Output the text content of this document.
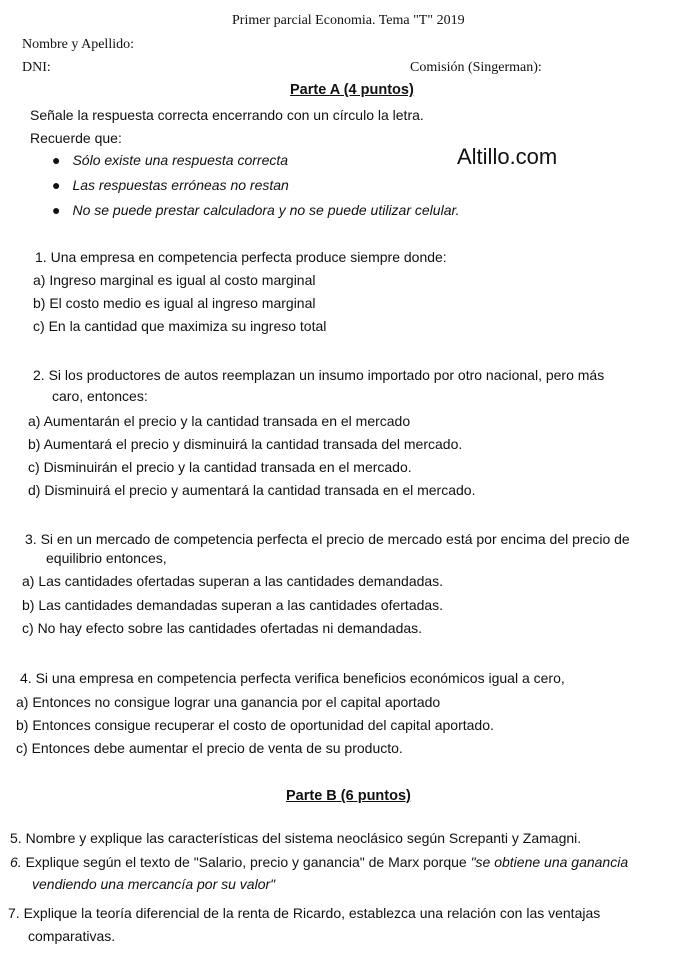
Primer parcial Economia. Tema "T" 2019
Nombre y Apellido:
DNI:	Comisión (Singerman):
Parte A (4 puntos)
Señale la respuesta correcta encerrando con un círculo la letra.
Recuerde que:
Altillo.com
● Sólo existe una respuesta correcta
● Las respuestas erróneas no restan
● No se puede prestar calculadora y no se puede utilizar celular.
1. Una empresa en competencia perfecta produce siempre donde:
a) Ingreso marginal es igual al costo marginal
b) El costo medio es igual al ingreso marginal
c) En la cantidad que maximiza su ingreso total
2. Si los productores de autos reemplazan un insumo importado por otro nacional, pero más
caro, entonces:
a) Aumentarán el precio y la cantidad transada en el mercado
b) Aumentará el precio y disminuirá la cantidad transada del mercado.
c) Disminuirán el precio y la cantidad transada en el mercado.
d) Disminuirá el precio y aumentará la cantidad transada en el mercado.
3. Si en un mercado de competencia perfecta el precio de mercado está por encima del precio de
equilibrio entonces,
a) Las cantidades ofertadas superan a las cantidades demandadas.
b) Las cantidades demandadas superan a las cantidades ofertadas.
c) No hay efecto sobre las cantidades ofertadas ni demandadas.
4. Si una empresa en competencia perfecta verifica beneficios económicos igual a cero,
a) Entonces no consigue lograr una ganancia por el capital aportado
b) Entonces consigue recuperar el costo de oportunidad del capital aportado.
c) Entonces debe aumentar el precio de venta de su producto.
Parte B (6 puntos)
5. Nombre y explique las características del sistema neoclásico según Screpanti y Zamagni.
6. Explique según el texto de "Salario, precio y ganancia" de Marx porque "se obtiene una ganancia
vendiendo una mercancía por su valor"
7. Explique la teoría diferencial de la renta de Ricardo, establezca una relación con las ventajas
comparativas.
